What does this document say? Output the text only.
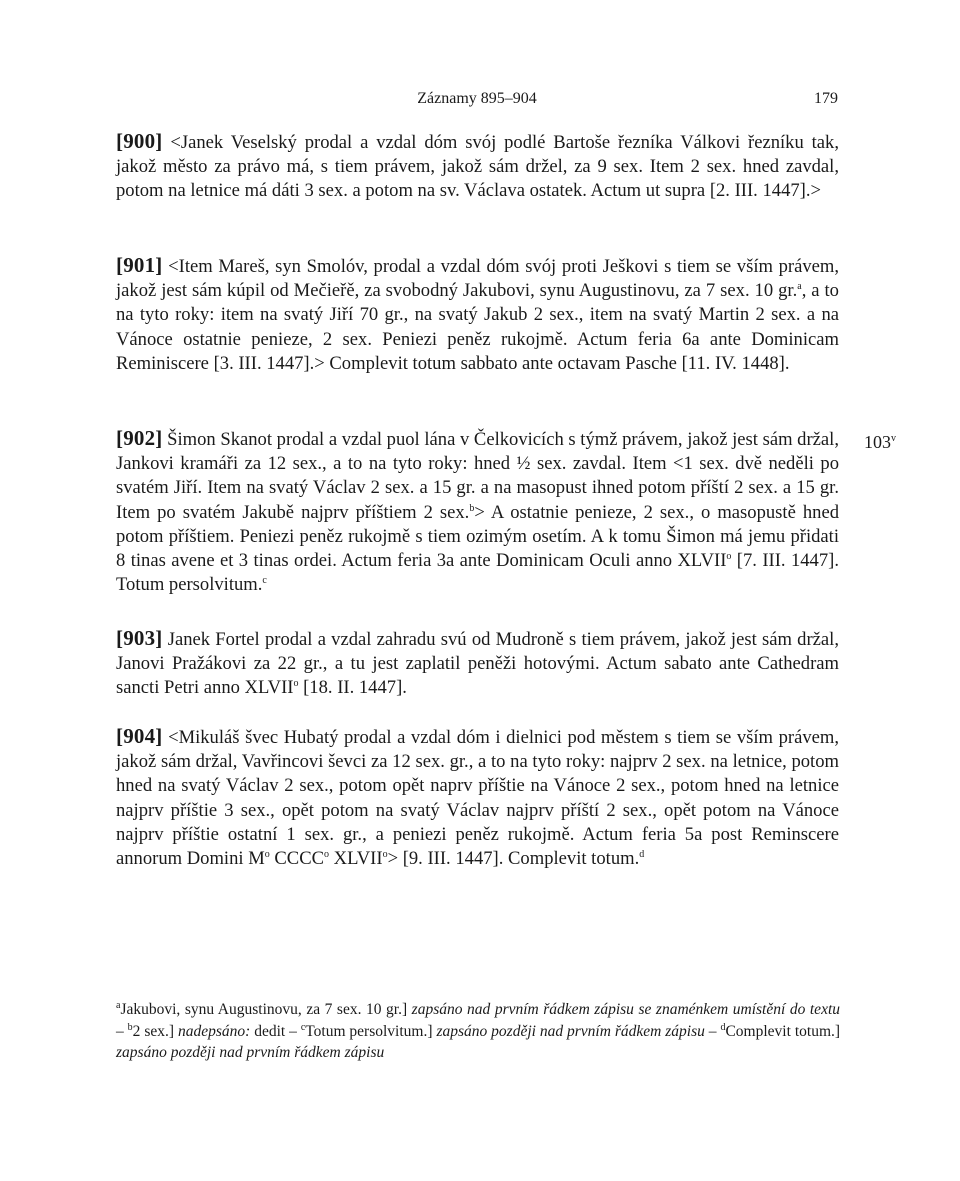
Záznamy 895–904	179

[900] <Janek Veselský prodal a vzdal dóm svój podlé Bartoše řezníka Válkovi řezníku tak, jakož město za právo má, s tiem právem, jakož sám držel, za 9 sex. Item 2 sex. hned zavdal, potom na letnice má dáti 3 sex. a potom na sv. Václava ostatek. Actum ut supra [2. III. 1447].>

[901] <Item Mareš, syn Smolóv, prodal a vzdal dóm svój proti Ješkovi s tiem se vším právem, jakož jest sám kúpil od Mečieřě, za svobodný Jakubovi, synu Augustinovu, za 7 sex. 10 gr.$^a$, a to na tyto roky: item na svatý Jiří 70 gr., na svatý Jakub 2 sex., item na svatý Martin 2 sex. a na Vánoce ostatnie penieze, 2 sex. Peniezi peněz rukojmě. Actum feria 6a ante Dominicam Reminiscere [3. III. 1447].> Complevit totum sabbato ante octavam Pasche [11. IV. 1448].

[902] Šimon Skanot prodal a vzdal puol lána v Čelkovicích s týmž právem, jakož jest sám držal, Jankovi kramáři za 12 sex., a to na tyto roky: hned ½ sex. zavdal. Item <1 sex. dvě neděli po svatém Jiří. Item na svatý Václav 2 sex. a 15 gr. a na masopust ihned potom příští 2 sex. a 15 gr. Item po svatém Jakubě najprv příštiem 2 sex.$^b$> A ostatnie penieze, 2 sex., o masopustě hned potom příštiem. Peniezi peněz rukojmě s tiem ozimým osetím. A k tomu Šimon má jemu přidati 8 tinas avene et 3 tinas ordei. Actum feria 3a ante Dominicam Oculi anno XLVII$^o$ [7. III. 1447]. Totum persolvitum.$^c$

103$^v$

[903] Janek Fortel prodal a vzdal zahradu svú od Mudroně s tiem právem, jakož jest sám držal, Janovi Pražákovi za 22 gr., a tu jest zaplatil peněži hotovými. Actum sabato ante Cathedram sancti Petri anno XLVII$^o$ [18. II. 1447].

[904] <Mikuláš švec Hubatý prodal a vzdal dóm i dielnici pod městem s tiem se vším právem, jakož sám držal, Vavřincovi ševci za 12 sex. gr., a to na tyto roky: najprv 2 sex. na letnice, potom hned na svatý Václav 2 sex., potom opět naprv příštie na Vánoce 2 sex., potom hned na letnice najprv příštie 3 sex., opět potom na svatý Václav najprv příští 2 sex., opět potom na Vánoce najprv příštie ostatní 1 sex. gr., a peniezi peněz rukojmě. Actum feria 5a post Reminscere annorum Domini $M^o$ CCCC$^o$ $XLVII^o> [9$. III. 1447]. Complevit totum.$^d$

$^a$Jakubovi, synu Augustinovu, za 7 sex. 10 gr.] zapsáno nad prvním řádkem zápisu se znaménkem umístění do textu – $^b$2 sex.] nadepsáno: dedit – $^c$Totum persolvitum.] zapsáno později nad prvním řádkem zápisu – $^d$Complevit totum.] zapsáno později nad prvním řádkem zápisu
